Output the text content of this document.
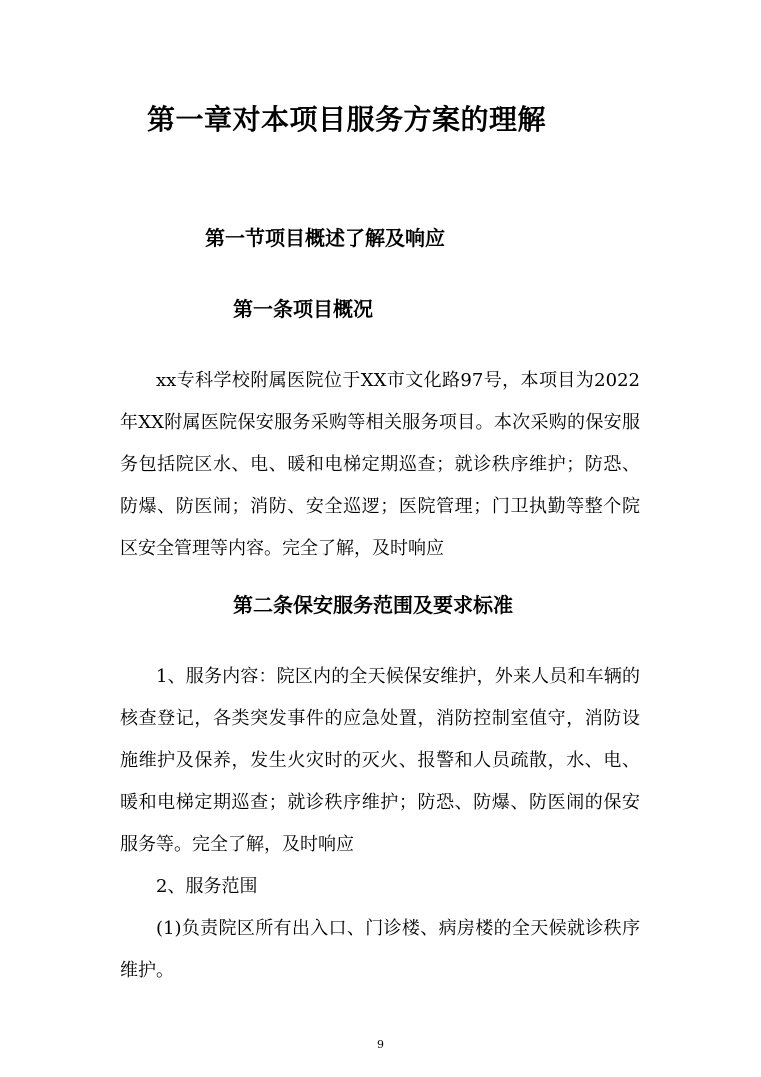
第一章对本项目服务方案的理解
第一节项目概述了解及响应
第一条项目概况
xx专科学校附属医院位于XX市文化路97号，本项目为2022年XX附属医院保安服务采购等相关服务项目。本次采购的保安服务包括院区水、电、暖和电梯定期巡查；就诊秩序维护；防恐、防爆、防医闹；消防、安全巡逻；医院管理；门卫执勤等整个院区安全管理等内容。完全了解，及时响应
第二条保安服务范围及要求标准
1、服务内容：院区内的全天候保安维护，外来人员和车辆的核查登记，各类突发事件的应急处置，消防控制室值守，消防设施维护及保养，发生火灾时的灭火、报警和人员疏散，水、电、暖和电梯定期巡查；就诊秩序维护；防恐、防爆、防医闹的保安服务等。完全了解，及时响应
2、服务范围
(1)负责院区所有出入口、门诊楼、病房楼的全天候就诊秩序维护。
9
